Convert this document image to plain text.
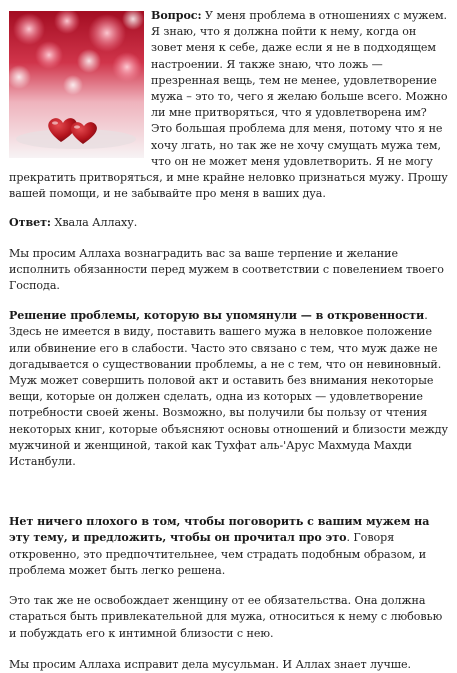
Вопрос: У меня проблема в отношениях с мужем. Я знаю, что я должна пойти к нему, когда он зовет меня к себе, даже если я не в подходящем настроении. Я также знаю, что ложь — презренная вещь, тем не менее, удовлетворение мужа – это то, чего я желаю больше всего. Можно ли мне притворяться, что я удовлетворена им? Это большая проблема для меня, потому что я не хочу лгать, но так же не хочу смущать мужа тем, что он не может меня удовлетворить. Я не могу прекратить притворяться, и мне крайне неловко признаться мужу. Прошу вашей помощи, и не забывайте про меня в ваших дуа.

Ответ: Хвала Аллаху.

Мы просим Аллаха вознаградить вас за ваше терпение и желание исполнить обязанности перед мужем в соответствии с повелением твоего Господа.

Решение проблемы, которую вы упомянули — в откровенности. Здесь не имеется в виду, поставить вашего мужа в неловкое положение или обвинение его в слабости. Часто это связано с тем, что муж даже не догадывается о существовании проблемы, а не с тем, что он невиновный. Муж может совершить половой акт и оставить без внимания некоторые вещи, которые он должен сделать, одна из которых — удовлетворение потребности своей жены. Возможно, вы получили бы пользу от чтения некоторых книг, которые объясняют основы отношений и близости между мужчиной и женщиной, такой как Тухфат аль-'Арус Махмуда Махди Истанбули.

Нет ничего плохого в том, чтобы поговорить с вашим мужем на эту тему, и предложить, чтобы он прочитал про это. Говоря откровенно, это предпочтительнее, чем страдать подобным образом, и проблема может быть легко решена.

Это так же не освобождает женщину от ее обязательства. Она должна стараться быть привлекательной для мужа, относиться к нему с любовью и побуждать его к интимной близости с нею.

Мы просим Аллаха исправит дела мусульман. И Аллах знает лучше.
